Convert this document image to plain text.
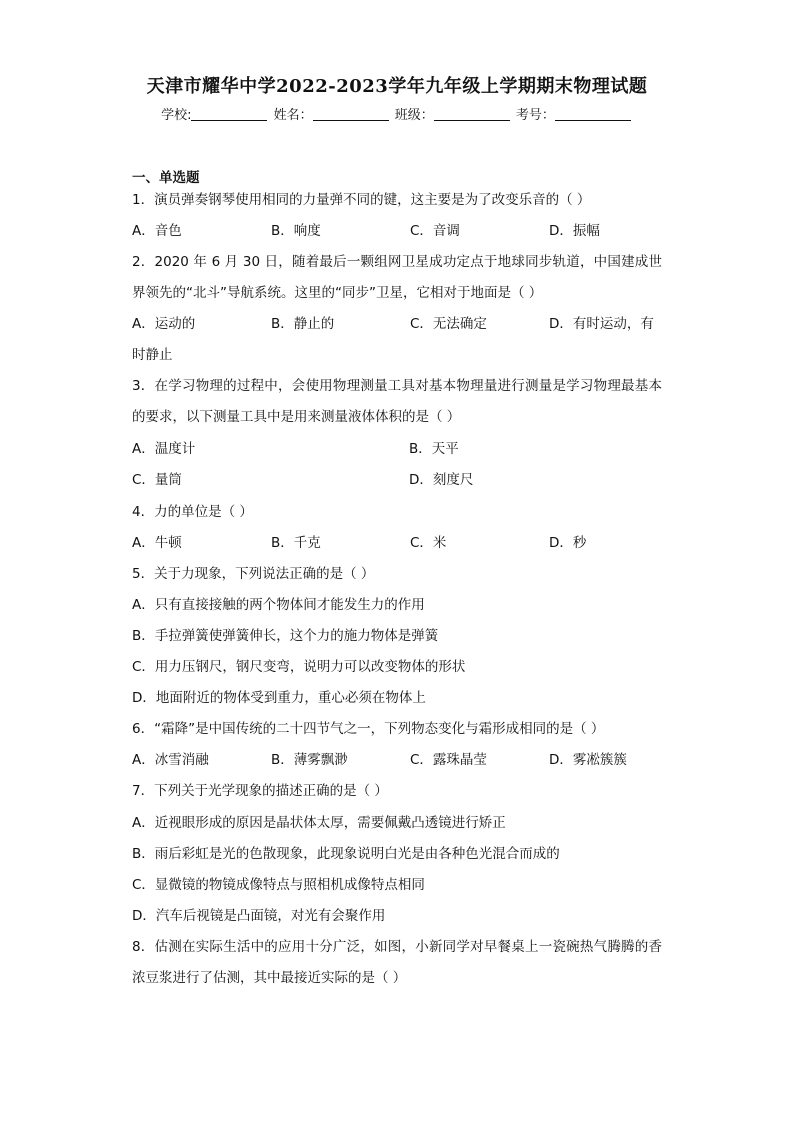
天津市耀华中学2022-2023学年九年级上学期期末物理试题
学校:	姓名：	班级：	考号：
一、单选题
1．演员弹奏钢琴使用相同的力量弹不同的键，这主要是为了改变乐音的（ ）
A．音色	B．响度	C．音调	D．振幅
2．2020 年 6 月 30 日，随着最后一颗组网卫星成功定点于地球同步轨道，中国建成世界领先的“北斗”导航系统。这里的“同步”卫星，它相对于地面是（ ）
A．运动的	B．静止的	C．无法确定	D．有时运动，有
时静止
3．在学习物理的过程中，会使用物理测量工具对基本物理量进行测量是学习物理最基本的要求，以下测量工具中是用来测量液体体积的是（ ）
A．温度计	B．天平
C．量筒	D．刻度尺
4．力的单位是（ ）
A．牛顿	B．千克	C．米	D．秒
5．关于力现象，下列说法正确的是（ ）
A．只有直接接触的两个物体间才能发生力的作用
B．手拉弹簧使弹簧伸长，这个力的施力物体是弹簧
C．用力压钢尺，钢尺变弯，说明力可以改变物体的形状
D．地面附近的物体受到重力，重心必须在物体上
6．“霜降”是中国传统的二十四节气之一，下列物态变化与霜形成相同的是（ ）
A．冰雪消融	B．薄雾飘渺	C．露珠晶莹	D．雾凇簇簇
7．下列关于光学现象的描述正确的是（ ）
A．近视眼形成的原因是晶状体太厚，需要佩戴凸透镜进行矫正
B．雨后彩虹是光的色散现象，此现象说明白光是由各种色光混合而成的
C．显微镜的物镜成像特点与照相机成像特点相同
D．汽车后视镜是凸面镜，对光有会聚作用
8．估测在实际生活中的应用十分广泛，如图，小新同学对早餐桌上一瓷碗热气腾腾的香浓豆浆进行了估测，其中最接近实际的是（ ）
